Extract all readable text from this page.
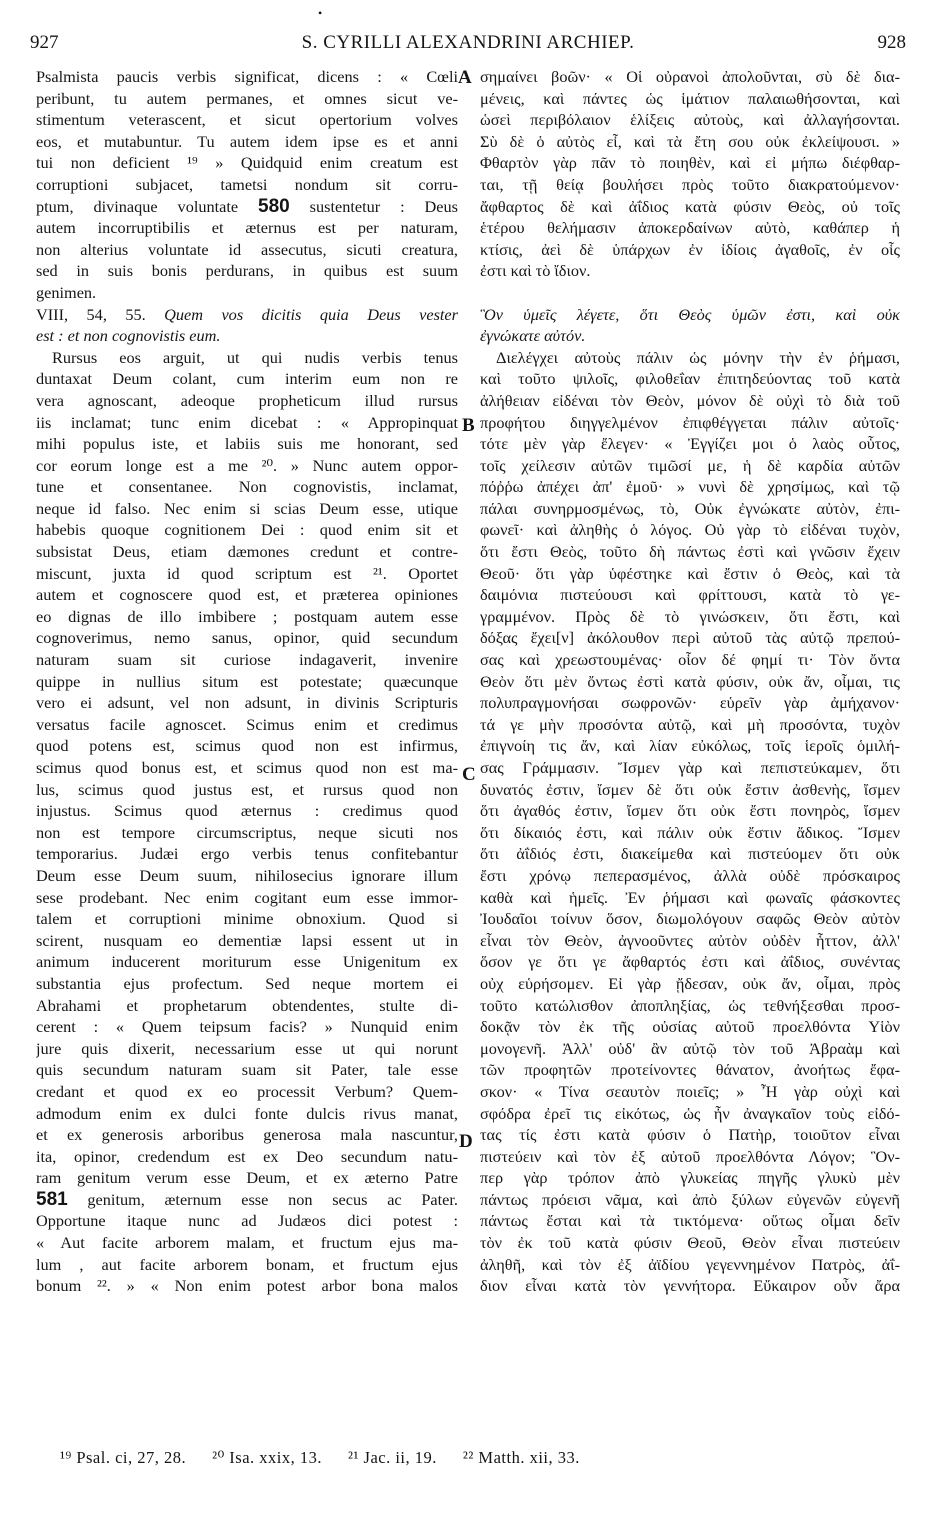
•
927	S. CYRILLI ALEXANDRINI ARCHIEP.	928
Psalmista paucis verbis significat, dicens : « Cœli
peribunt, tu autem permanes, et omnes sicut ve-
stimentum veterascent, et sicut opertorium volves
eos, et mutabuntur. Tu autem idem ipse es et anni
tui non deficient ¹⁹ » Quidquid enim creatum est
corruptioni subjacet, tametsi nondum sit corru-
ptum, divinaque voluntate 580 sustentetur : Deus
autem incorruptibilis et æternus est per naturam,
non alterius voluntate id assecutus, sicuti creatura,
sed in suis bonis perdurans, in quibus est suum
genimen.
VIII, 54, 55. Quem vos dicitis quia Deus vester
est : et non cognovistis eum.
Rursus eos arguit, ut qui nudis verbis tenus
duntaxat Deum colant, cum interim eum non re
vera agnoscant, adeoque propheticum illud rursus
iis inclamat; tunc enim dicebat : « Appropinquat
mihi populus iste, et labiis suis me honorant, sed
cor eorum longe est a me ²⁰. » Nunc autem oppor-
tune et consentanee. Non cognovistis, inclamat,
neque id falso. Nec enim si scias Deum esse, utique
habebis quoque cognitionem Dei : quod enim sit et
subsistat Deus, etiam dæmones credunt et contre-
miscunt, juxta id quod scriptum est ²¹. Oportet
autem et cognoscere quod est, et præterea opiniones
eo dignas de illo imbibere ; postquam autem esse
cognoverimus, nemo sanus, opinor, quid secundum
naturam suam sit curiose indagaverit, invenire
quippe in nullius situm est potestate; quæcunque
vero ei adsunt, vel non adsunt, in divinis Scripturis
versatus facile agnoscet. Scimus enim et credimus
quod potens est, scimus quod non est infirmus,
scimus quod bonus est, et scimus quod non est ma-
lus, scimus quod justus est, et rursus quod non
injustus. Scimus quod æternus : credimus quod
non est tempore circumscriptus, neque sicuti nos
temporarius. Judæi ergo verbis tenus confitebantur
Deum esse Deum suum, nihilosecius ignorare illum
sese prodebant. Nec enim cogitant eum esse immor-
talem et corruptioni minime obnoxium. Quod si
scirent, nusquam eo dementiæ lapsi essent ut in
animum inducerent moriturum esse Unigenitum ex
substantia ejus profectum. Sed neque mortem ei
Abrahami et prophetarum obtendentes, stulte di-
cerent : « Quem teipsum facis? » Nunquid enim
jure quis dixerit, necessarium esse ut qui norunt
quis secundum naturam suam sit Pater, tale esse
credant et quod ex eo processit Verbum? Quem-
admodum enim ex dulci fonte dulcis rivus manat,
et ex generosis arboribus generosa mala nascuntur,
ita, opinor, credendum est ex Deo secundum natu-
ram genitum verum esse Deum, et ex æterno Patre
581 genitum, æternum esse non secus ac Pater.
Opportune itaque nunc ad Judæos dici potest :
« Aut facite arborem malam, et fructum ejus ma-
lum , aut facite arborem bonam, et fructum ejus
bonum ²². » « Non enim potest arbor bona malos
σημαίνει βοῶν· « Οἱ οὐρανοὶ ἀπολοῦνται, σὺ δὲ δια-
μένεις, καὶ πάντες ὡς ἱμάτιον παλαιωθήσονται, καὶ
ὡσεὶ περιβόλαιον ἑλίξεις αὐτοὺς, καὶ ἀλλαγήσονται.
Σὺ δὲ ὁ αὐτὸς εἶ, καὶ τὰ ἔτη σου οὐκ ἐκλείψουσι. »
Φθαρτὸν γὰρ πᾶν τὸ ποιηθὲν, καὶ εἰ μήπω διέφθαρ-
ται, τῇ θείᾳ βουλήσει πρὸς τοῦτο διακρατούμενον·
ἄφθαρτος δὲ καὶ ἀΐδιος κατὰ φύσιν Θεὸς, οὐ τοῖς
ἑτέρου θελήμασιν ἀποκερδαίνων αὐτὸ, καθάπερ ἡ
κτίσις, ἀεὶ δὲ ὑπάρχων ἐν ἰδίοις ἀγαθοῖς, ἐν οἷς
ἐστι καὶ τὸ ἴδιον.
Ὃν ὑμεῖς λέγετε, ὅτι Θεὸς ὑμῶν ἐστι, καὶ οὐκ
ἐγνώκατε αὐτόν.
Διελέγχει αὐτοὺς πάλιν ὡς μόνην τὴν ἐν ῥήμασι,
καὶ τοῦτο ψιλοῖς, φιλοθεΐαν ἐπιτηδεύοντας τοῦ κατὰ
ἀλήθειαν εἰδέναι τὸν Θεὸν, μόνον δὲ οὐχὶ τὸ διὰ τοῦ
προφήτου διηγγελμένον ἐπιφθέγγεται πάλιν αὐτοῖς·
τότε μὲν γὰρ ἔλεγεν· « Ἐγγίζει μοι ὁ λαὸς οὗτος,
τοῖς χείλεσιν αὐτῶν τιμῶσί με, ἡ δὲ καρδία αὐτῶν
πόῤῥω ἀπέχει ἀπ' ἐμοῦ· » νυνὶ δὲ χρησίμως, καὶ τῷ
πάλαι συνηρμοσμένως, τὸ, Οὐκ ἐγνώκατε αὐτὸν, ἐπι-
φωνεῖ· καὶ ἀληθὴς ὁ λόγος. Οὐ γὰρ τὸ εἰδέναι τυχὸν,
ὅτι ἔστι Θεὸς, τοῦτο δὴ πάντως ἐστὶ καὶ γνῶσιν ἔχειν
Θεοῦ· ὅτι γὰρ ὑφέστηκε καὶ ἔστιν ὁ Θεὸς, καὶ τὰ
δαιμόνια πιστεύουσι καὶ φρίττουσι, κατὰ τὸ γε-
γραμμένον. Πρὸς δὲ τὸ γινώσκειν, ὅτι ἔστι, καὶ
δόξας ἔχει[ν] ἀκόλουθον περὶ αὐτοῦ τὰς αὐτῷ πρεπού-
σας καὶ χρεωστουμένας· οἷον δέ φημί τι· Τὸν ὄντα
Θεὸν ὅτι μὲν ὄντως ἐστὶ κατὰ φύσιν, οὐκ ἄν, οἶμαι, τις
πολυπραγμονήσαι σωφρονῶν· εὑρεῖν γὰρ ἀμήχανον·
τά γε μὴν προσόντα αὐτῷ, καὶ μὴ προσόντα, τυχὸν
ἐπιγνοίη τις ἄν, καὶ λίαν εὐκόλως, τοῖς ἱεροῖς ὁμιλή-
σας Γράμμασιν. Ἴσμεν γὰρ καὶ πεπιστεύκαμεν, ὅτι
δυνατός ἐστιν, ἴσμεν δὲ ὅτι οὐκ ἔστιν ἀσθενὴς, ἴσμεν
ὅτι ἀγαθός ἐστιν, ἴσμεν ὅτι οὐκ ἔστι πονηρὸς, ἴσμεν
ὅτι δίκαιός ἐστι, καὶ πάλιν οὐκ ἔστιν ἄδικος. Ἴσμεν
ὅτι ἀΐδιός ἐστι, διακείμεθα καὶ πιστεύομεν ὅτι οὐκ
ἔστι χρόνῳ πεπερασμένος, ἀλλὰ οὐδὲ πρόσκαιρος
καθὰ καὶ ἡμεῖς. Ἐν ῥήμασι καὶ φωναῖς φάσκοντες
Ἰουδαῖοι τοίνυν ὅσον, διωμολόγουν σαφῶς Θεὸν αὐτὸν
εἶναι τὸν Θεὸν, ἀγνοοῦντες αὐτὸν οὐδὲν ἧττον, ἀλλ'
ὅσον γε ὅτι γε ἄφθαρτός ἐστι καὶ ἀΐδιος, συνέντας
οὐχ εὑρήσομεν. Εἰ γὰρ ᾔδεσαν, οὐκ ἄν, οἶμαι, πρὸς
τοῦτο κατώλισθον ἀποπληξίας, ὡς τεθνήξεσθαι προσ-
δοκᾷν τὸν ἐκ τῆς οὐσίας αὐτοῦ προελθόντα Υἱὸν
μονογενῆ. Ἀλλ' οὐδ' ἂν αὐτῷ τὸν τοῦ Ἀβραὰμ καὶ
τῶν προφητῶν προτείνοντες θάνατον, ἀνοήτως ἔφα-
σκον· « Τίνα σεαυτὸν ποιεῖς; » Ἦ γὰρ οὐχὶ καὶ
σφόδρα ἐρεῖ τις εἰκότως, ὡς ἦν ἀναγκαῖον τοὺς εἰδό-
τας τίς ἐστι κατὰ φύσιν ὁ Πατὴρ, τοιοῦτον εἶναι
πιστεύειν καὶ τὸν ἐξ αὐτοῦ προελθόντα Λόγον; Ὃν-
περ γὰρ τρόπον ἀπὸ γλυκείας πηγῆς γλυκὺ μὲν
πάντως πρόεισι νᾶμα, καὶ ἀπὸ ξύλων εὐγενῶν εὐγενῆ
πάντως ἔσται καὶ τὰ τικτόμενα· οὕτως οἶμαι δεῖν
τὸν ἐκ τοῦ κατὰ φύσιν Θεοῦ, Θεὸν εἶναι πιστεύειν
ἀληθῆ, καὶ τὸν ἐξ ἀϊδίου γεγεννημένον Πατρὸς, ἀΐ-
διον εἶναι κατὰ τὸν γεννήτορα. Εὔκαιρον οὖν ἄρα
A
B
C
D
¹⁹ Psal. ci, 27, 28. ²⁰ Isa. xxix, 13. ²¹ Jac. ii, 19. ²² Matth. xii, 33.
